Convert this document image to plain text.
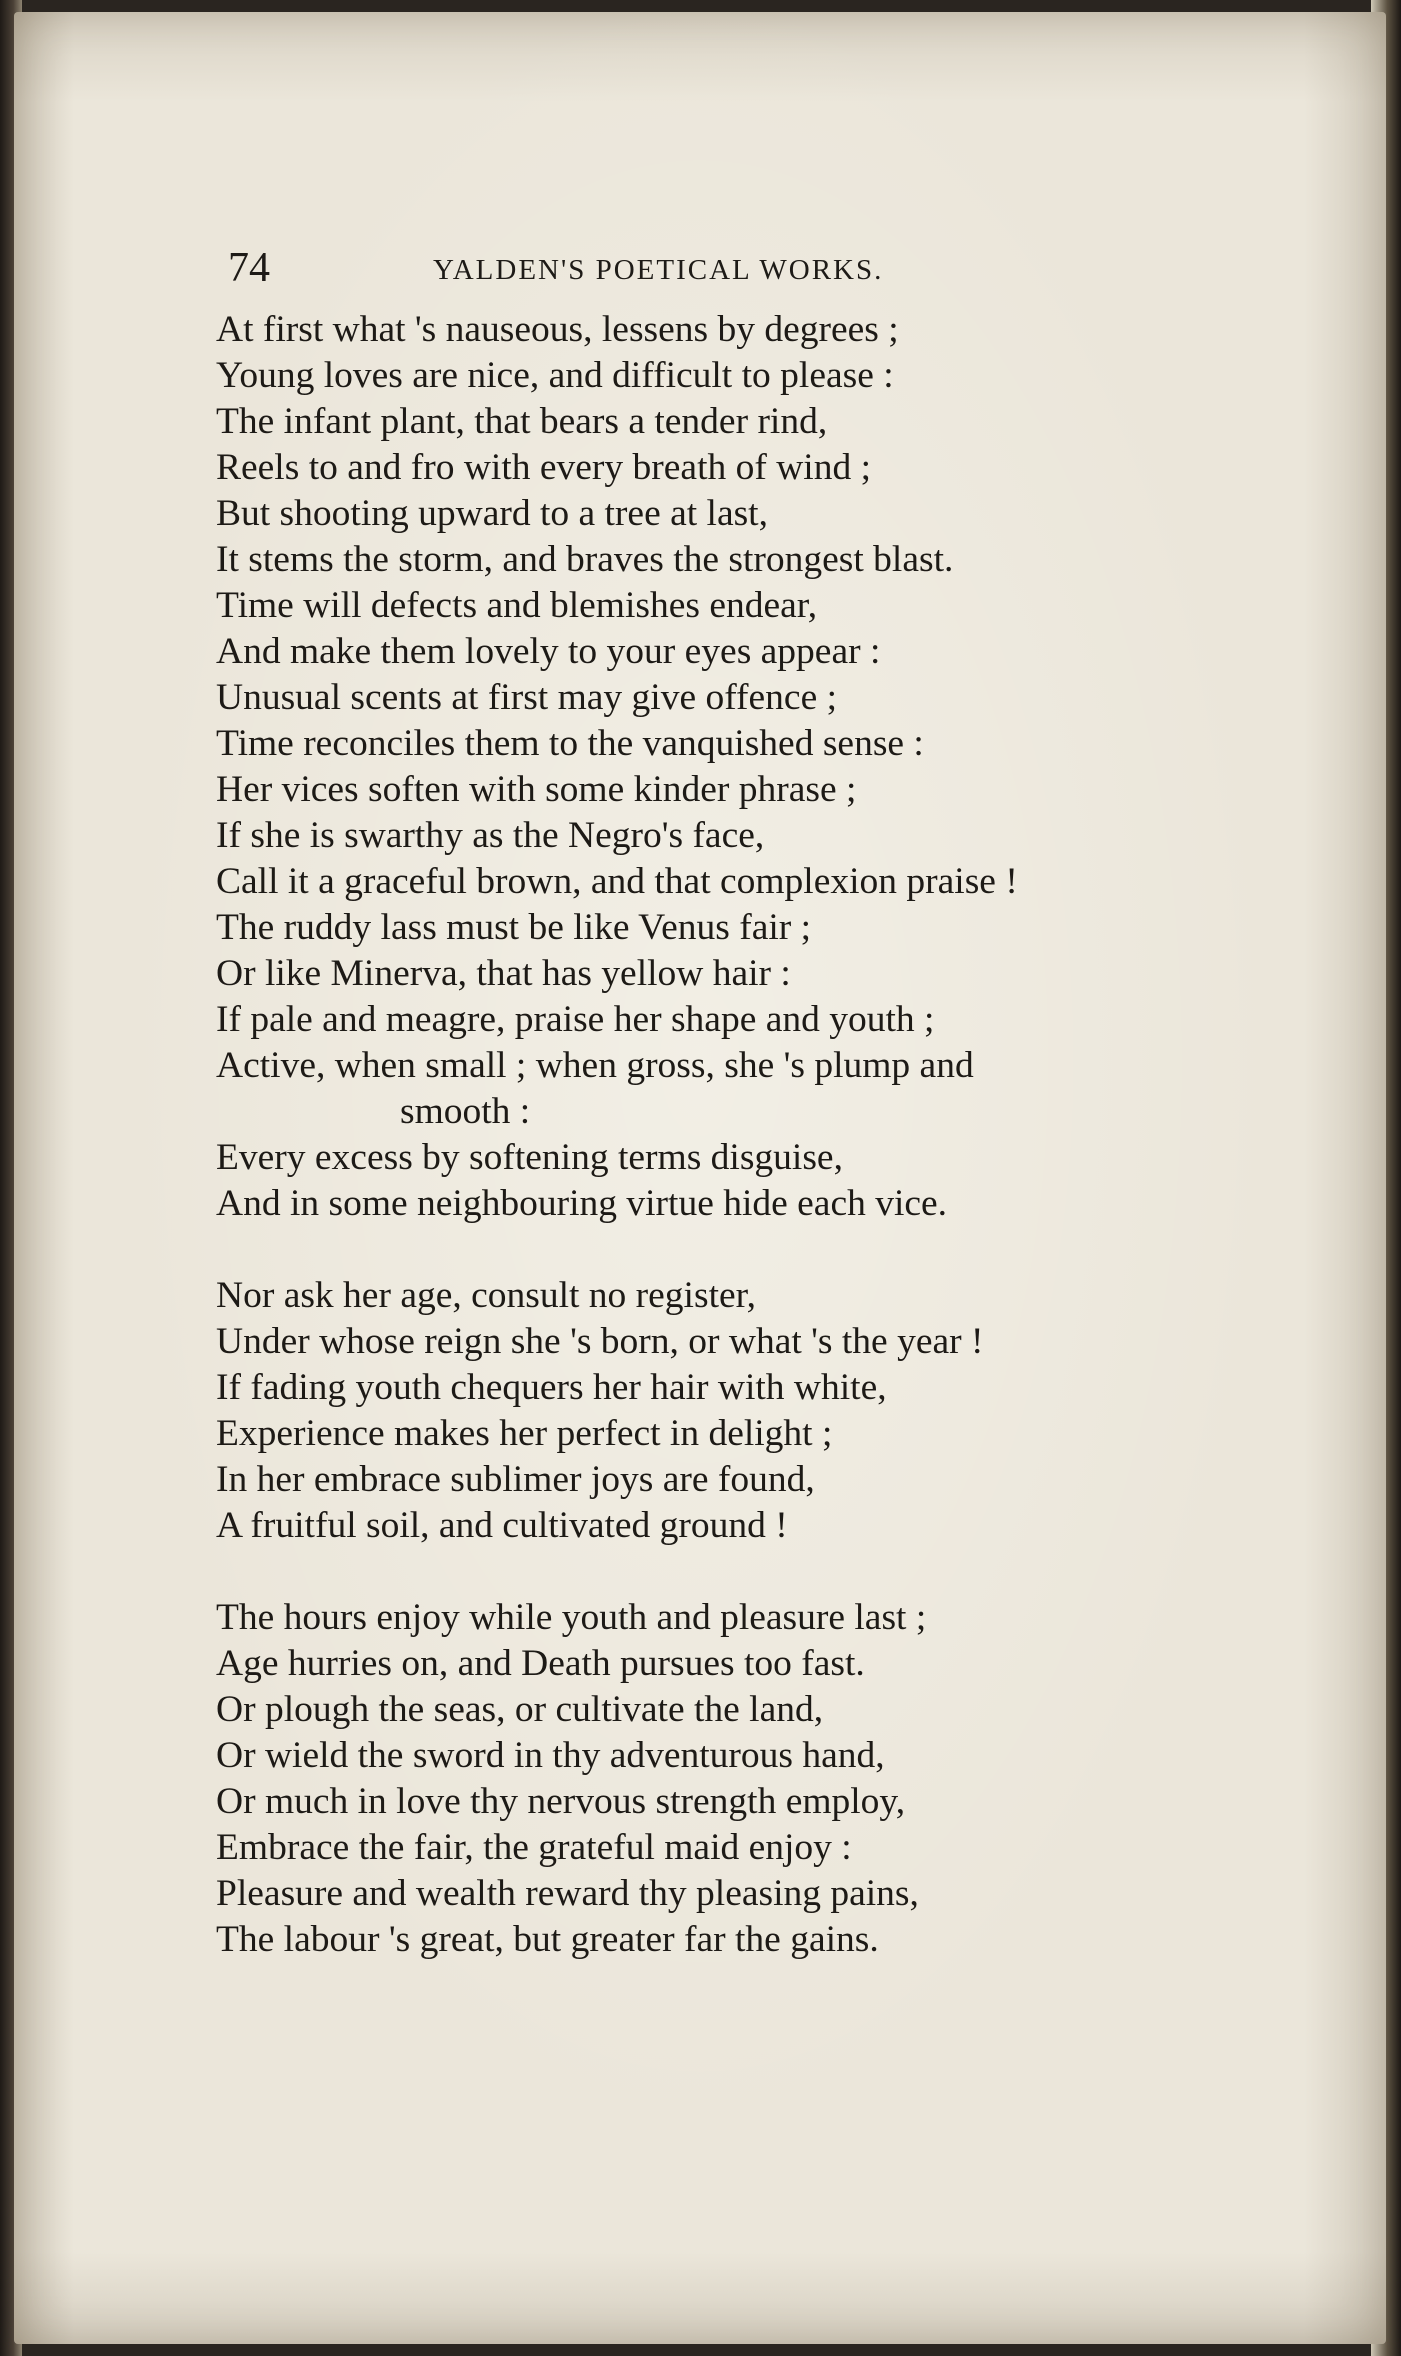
74	YALDEN'S POETICAL WORKS.
At first what 's nauseous, lessens by degrees ;
Young loves are nice, and difficult to please :
The infant plant, that bears a tender rind,
Reels to and fro with every breath of wind ;
But shooting upward to a tree at last,
It stems the storm, and braves the strongest blast.
Time will defects and blemishes endear,
And make them lovely to your eyes appear :
Unusual scents at first may give offence ;
Time reconciles them to the vanquished sense :
Her vices soften with some kinder phrase ;
If she is swarthy as the Negro's face,
Call it a graceful brown, and that complexion praise !
The ruddy lass must be like Venus fair ;
Or like Minerva, that has yellow hair :
If pale and meagre, praise her shape and youth ;
Active, when small ; when gross, she 's plump and
smooth :
Every excess by softening terms disguise,
And in some neighbouring virtue hide each vice.
Nor ask her age, consult no register,
Under whose reign she 's born, or what 's the year !
If fading youth chequers her hair with white,
Experience makes her perfect in delight ;
In her embrace sublimer joys are found,
A fruitful soil, and cultivated ground !
The hours enjoy while youth and pleasure last ;
Age hurries on, and Death pursues too fast.
Or plough the seas, or cultivate the land,
Or wield the sword in thy adventurous hand,
Or much in love thy nervous strength employ,
Embrace the fair, the grateful maid enjoy :
Pleasure and wealth reward thy pleasing pains,
The labour 's great, but greater far the gains.
